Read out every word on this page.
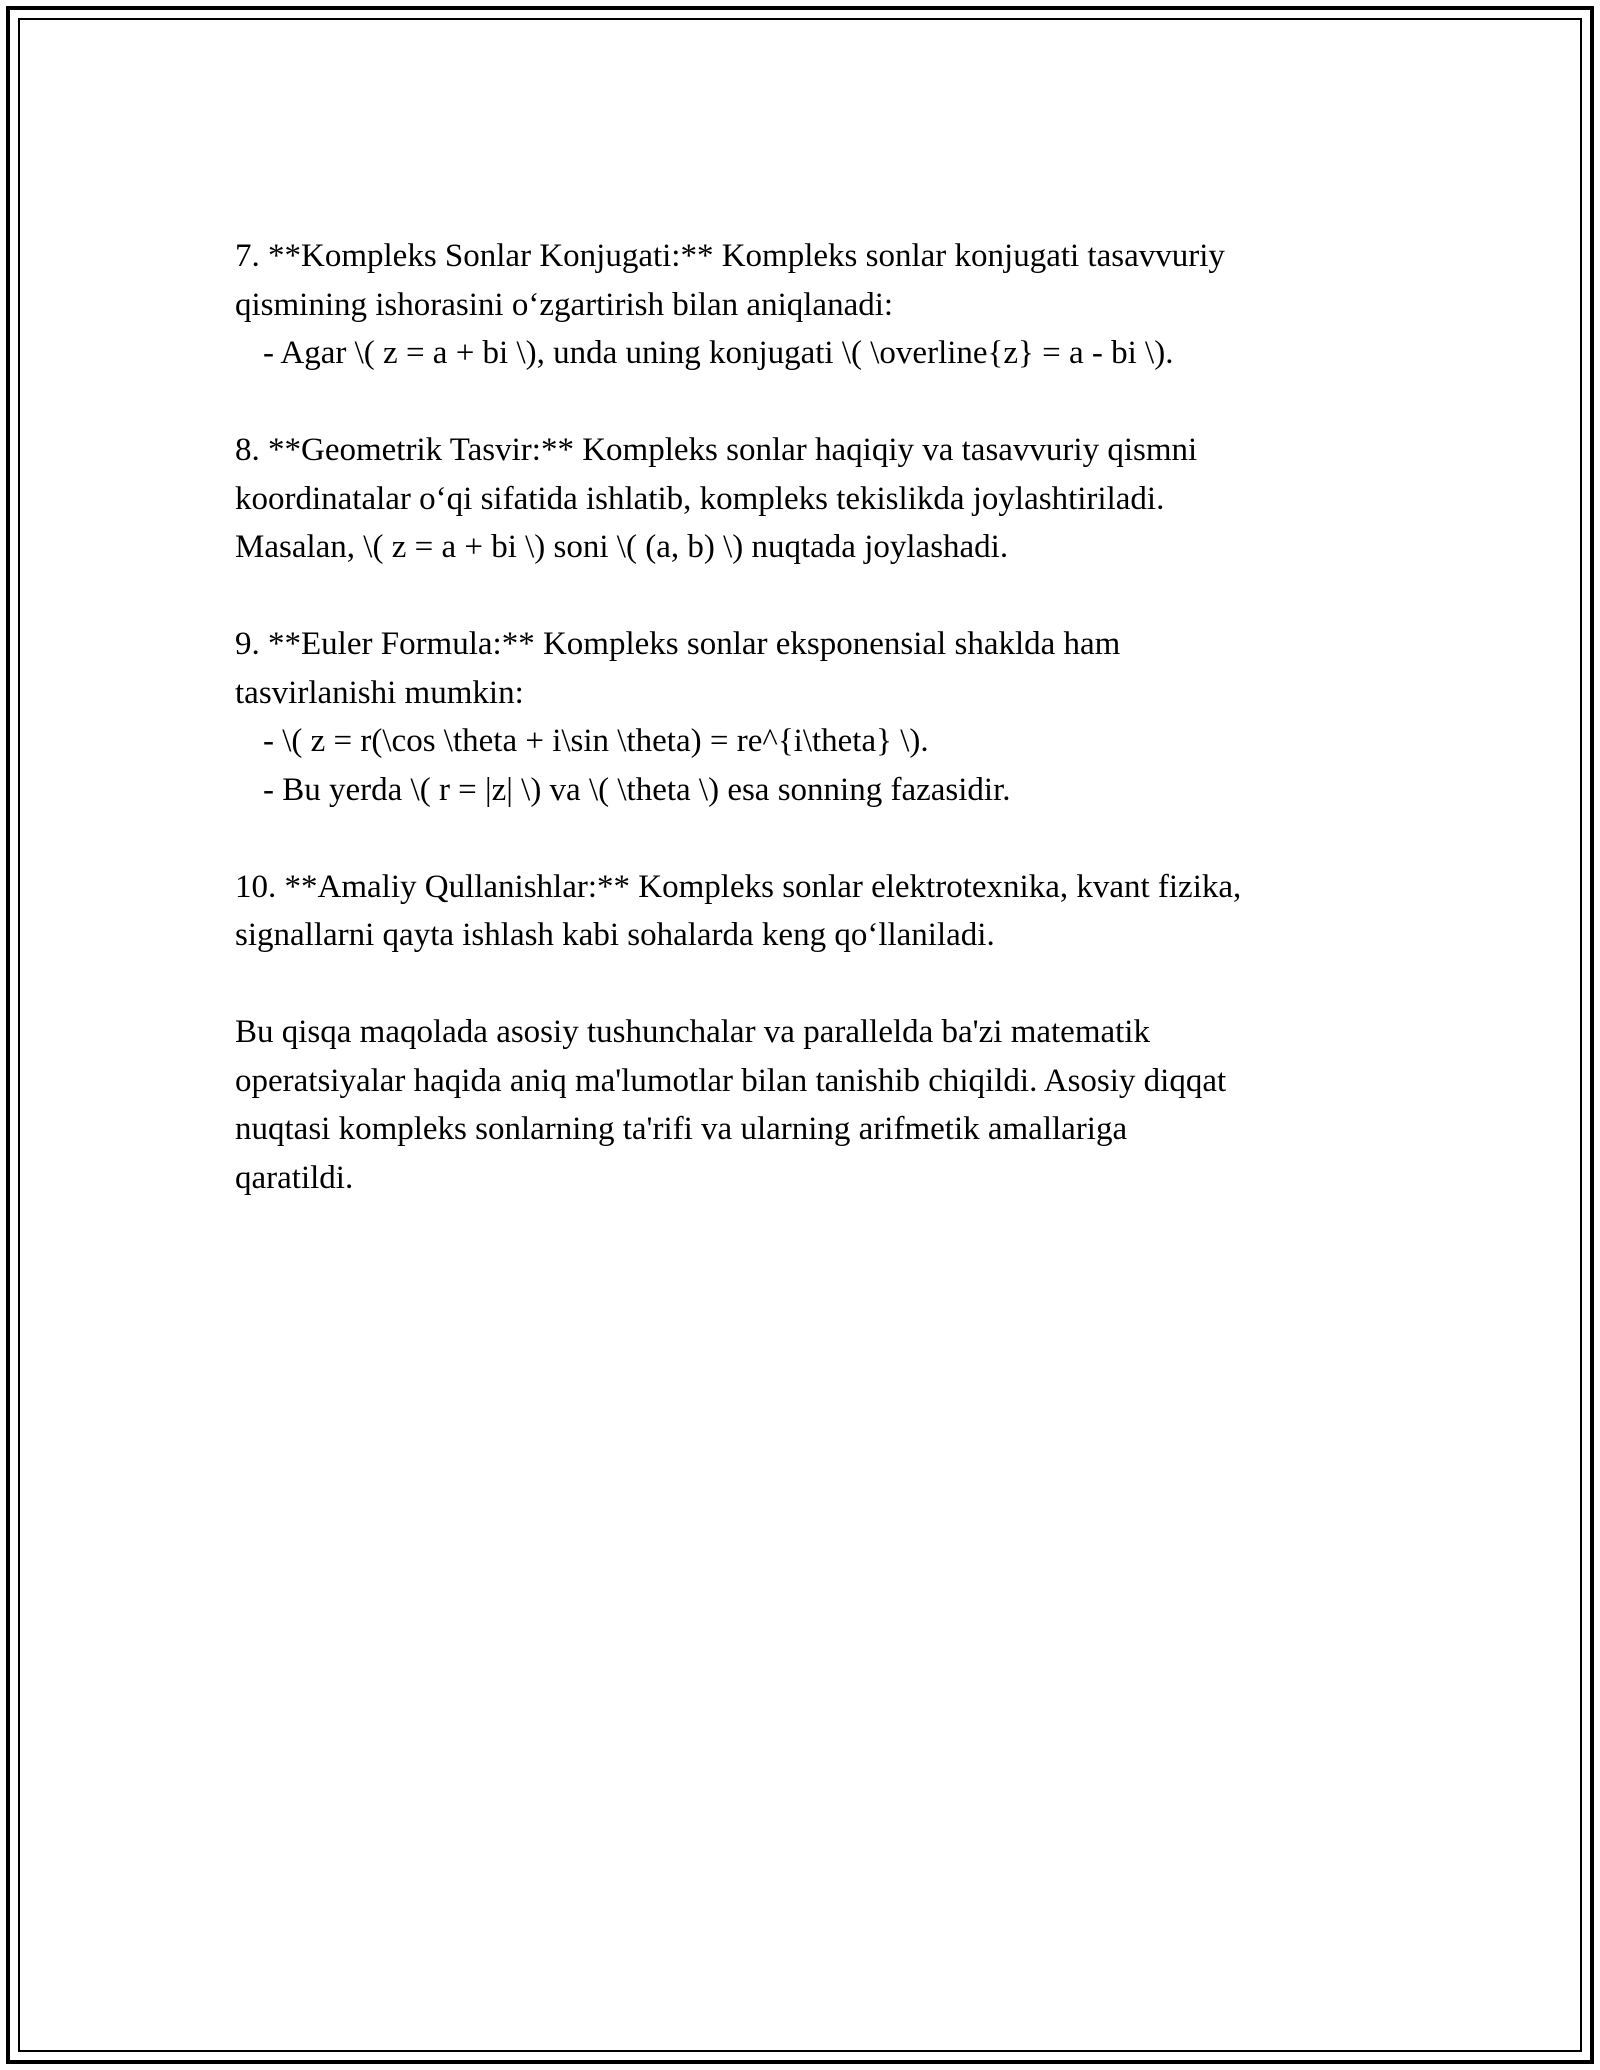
7. **Kompleks Sonlar Konjugati:** Kompleks sonlar konjugati tasavvuriy
qismining ishorasini o‘zgartirish bilan aniqlanadi:
- Agar \( z = a + bi \), unda uning konjugati \( \overline{z} = a - bi \).
8. **Geometrik Tasvir:** Kompleks sonlar haqiqiy va tasavvuriy qismni
koordinatalar o‘qi sifatida ishlatib, kompleks tekislikda joylashtiriladi.
Masalan, \( z = a + bi \) soni \( (a, b) \) nuqtada joylashadi.
9. **Euler Formula:** Kompleks sonlar eksponensial shaklda ham
tasvirlanishi mumkin:
- \( z = r(\cos \theta + i\sin \theta) = re^{i\theta} \).
- Bu yerda \( r = |z| \) va \( \theta \) esa sonning fazasidir.
10. **Amaliy Qullanishlar:** Kompleks sonlar elektrotexnika, kvant fizika,
signallarni qayta ishlash kabi sohalarda keng qo‘llaniladi.
Bu qisqa maqolada asosiy tushunchalar va parallelda ba'zi matematik
operatsiyalar haqida aniq ma'lumotlar bilan tanishib chiqildi. Asosiy diqqat
nuqtasi kompleks sonlarning ta'rifi va ularning arifmetik amallariga
qaratildi.
